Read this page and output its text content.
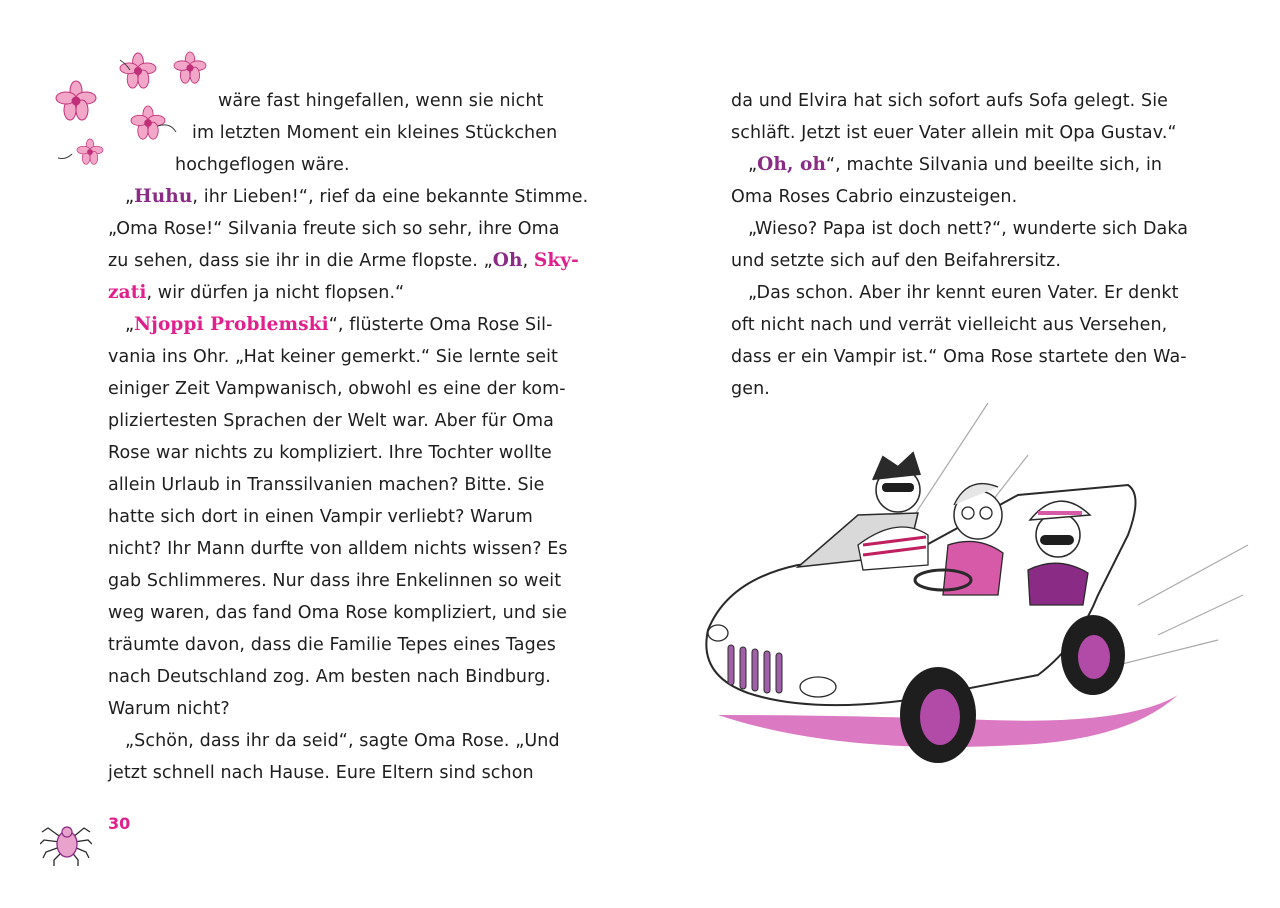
wäre fast hingefallen, wenn sie nicht
im letzten Moment ein kleines Stückchen
hochgeflogen wäre.
„Huhu, ihr Lieben!“, rief da eine bekannte Stimme.
„Oma Rose!“ Silvania freute sich so sehr, ihre Oma
zu sehen, dass sie ihr in die Arme flopste. „Oh, Sky-
zati, wir dürfen ja nicht flopsen.“
„Njoppi Problemski“, flüsterte Oma Rose Sil-
vania ins Ohr. „Hat keiner gemerkt.“ Sie lernte seit
einiger Zeit Vampwanisch, obwohl es eine der kom-
pliziertesten Sprachen der Welt war. Aber für Oma
Rose war nichts zu kompliziert. Ihre Tochter wollte
allein Urlaub in Transsilvanien machen? Bitte. Sie
hatte sich dort in einen Vampir verliebt? Warum
nicht? Ihr Mann durfte von alldem nichts wissen? Es
gab Schlimmeres. Nur dass ihre Enkelinnen so weit
weg waren, das fand Oma Rose kompliziert, und sie
träumte davon, dass die Familie Tepes eines Tages
nach Deutschland zog. Am besten nach Bindburg.
Warum nicht?
„Schön, dass ihr da seid“, sagte Oma Rose. „Und
jetzt schnell nach Hause. Eure Eltern sind schon
30
da und Elvira hat sich sofort aufs Sofa gelegt. Sie
schläft. Jetzt ist euer Vater allein mit Opa Gustav.“
„Oh, oh“, machte Silvania und beeilte sich, in
Oma Roses Cabrio einzusteigen.
„Wieso? Papa ist doch nett?“, wunderte sich Daka
und setzte sich auf den Beifahrersitz.
„Das schon. Aber ihr kennt euren Vater. Er denkt
oft nicht nach und verrät vielleicht aus Versehen,
dass er ein Vampir ist.“ Oma Rose startete den Wa-
gen.
